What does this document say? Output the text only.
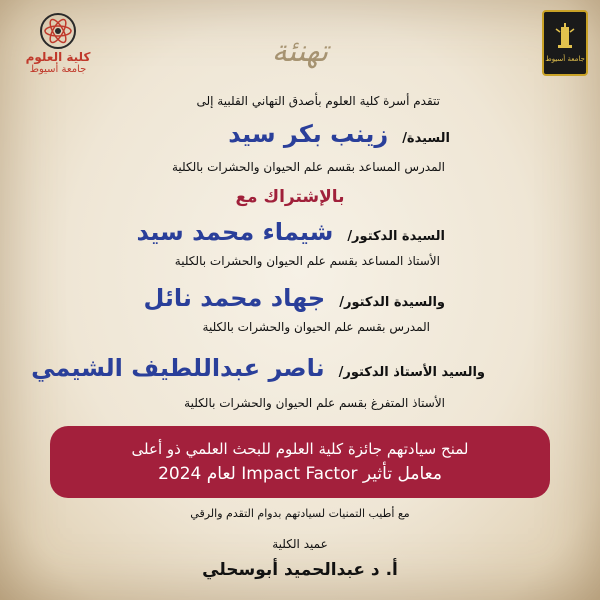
جامعة أسيوط
كلية العلوم
جامعة أسيوط
تهنئة
تتقدم أسرة كلية العلوم بأصدق التهاني القلبية إلى
السيدة/
زينب بكر سيد
المدرس المساعد بقسم علم الحيوان والحشرات بالكلية
بالإشتراك مع
السيدة الدكتور/
شيماء محمد سيد
الأستاذ المساعد بقسم علم الحيوان والحشرات بالكلية
والسيدة الدكتور/
جهاد محمد نائل
المدرس بقسم علم الحيوان والحشرات بالكلية
والسيد الأستاذ الدكتور/
ناصر عبداللطيف الشيمي
الأستاذ المتفرغ بقسم علم الحيوان والحشرات بالكلية
لمنح سيادتهم جائزة كلية العلوم للبحث العلمي ذو أعلى
معامل تأثير Impact Factor لعام 2024
مع أطيب التمنيات لسيادتهم بدوام التقدم والرقي
عميد الكلية
أ. د عبدالحميد أبوسحلي
